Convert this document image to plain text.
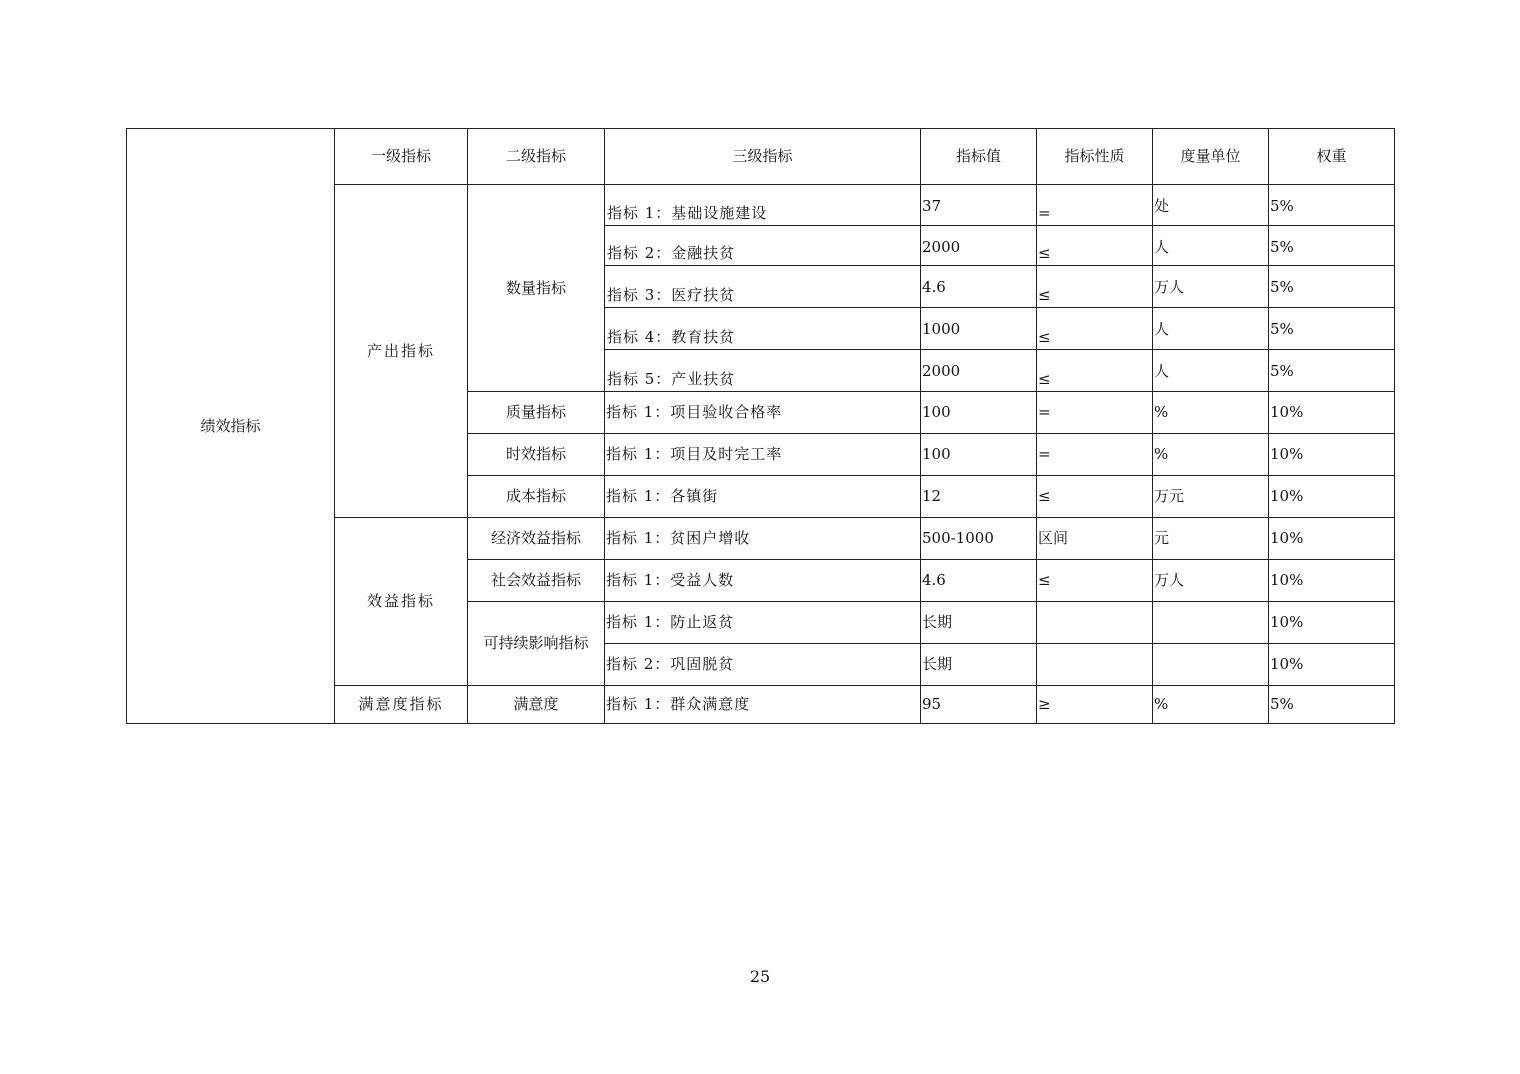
绩效指标	一级指标	二级指标	三级指标	指标值	指标性质	度量单位	权重
	产出指标	数量指标	指标 1：基础设施建设	37	=	处	5%
			指标 2：金融扶贫	2000	≤	人	5%
			指标 3：医疗扶贫	4.6	≤	万人	5%
			指标 4：教育扶贫	1000	≤	人	5%
			指标 5：产业扶贫	2000	≤	人	5%
		质量指标	指标 1：项目验收合格率	100	=	%	10%
		时效指标	指标 1：项目及时完工率	100	=	%	10%
		成本指标	指标 1：各镇街	12	≤	万元	10%
	效益指标	经济效益指标	指标 1：贫困户增收	500-1000	区间	元	10%
		社会效益指标	指标 1：受益人数	4.6	≤	万人	10%
		可持续影响指标	指标 1：防止返贫	长期			10%
			指标 2：巩固脱贫	长期			10%
	满意度指标	满意度	指标 1：群众满意度	95	≥	%	5%
25
